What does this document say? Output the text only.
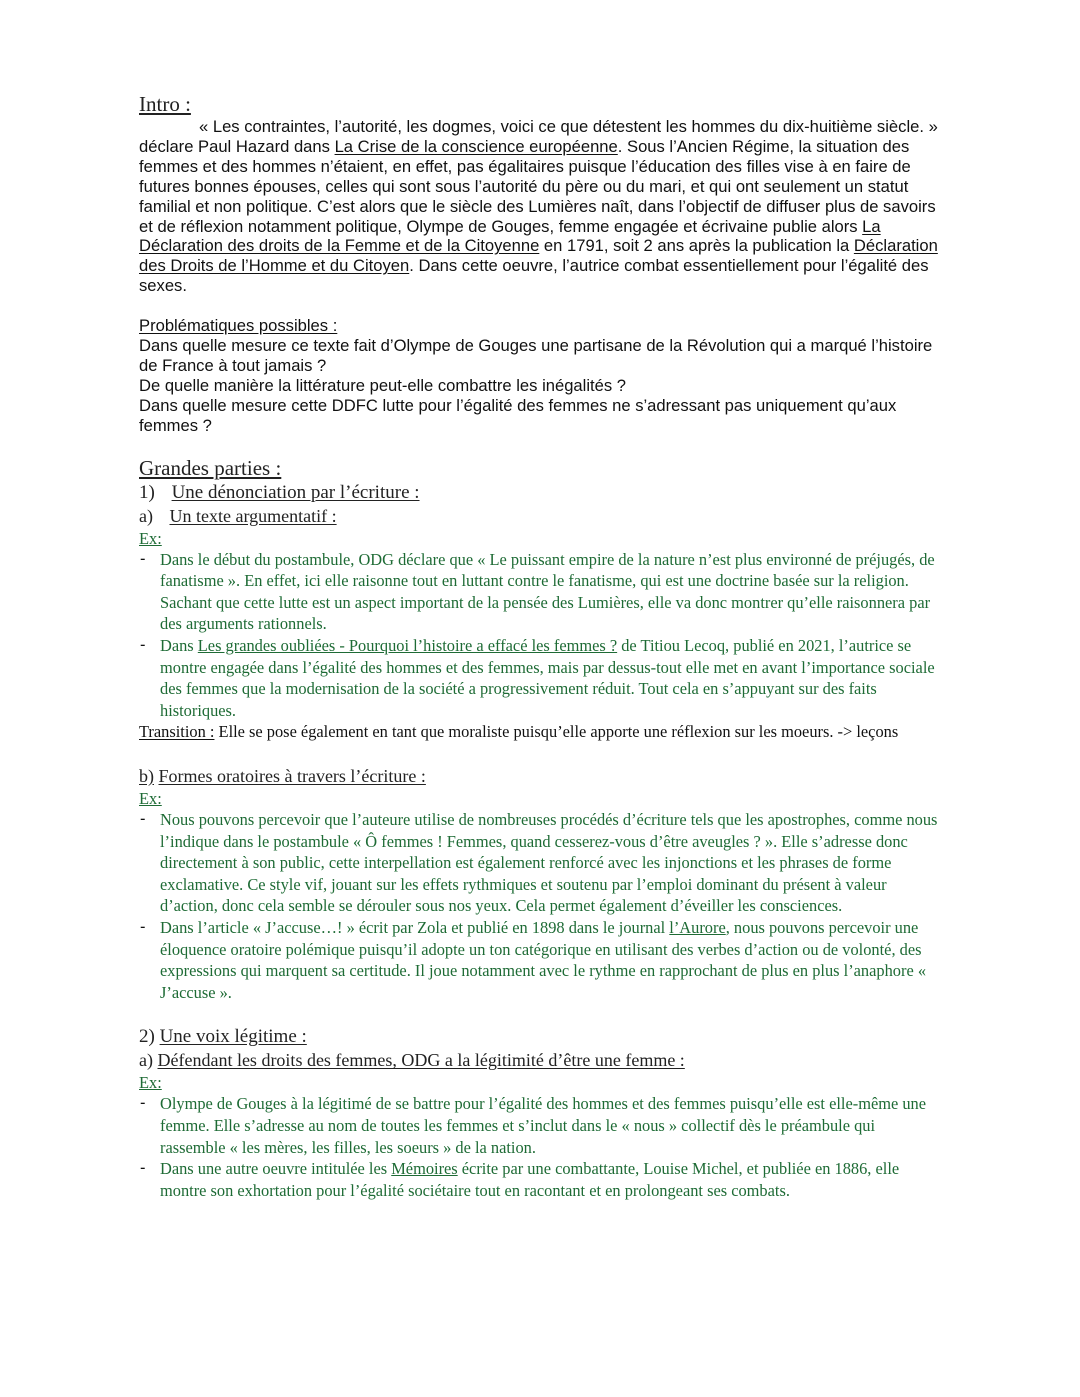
Intro :
« Les contraintes, l’autorité, les dogmes, voici ce que détestent les hommes du dix-huitième siècle. » déclare Paul Hazard dans La Crise de la conscience européenne. Sous l’Ancien Régime, la situation des femmes et des hommes n’étaient, en effet, pas égalitaires puisque l’éducation des filles vise à en faire de futures bonnes épouses, celles qui sont sous l’autorité du père ou du mari, et qui ont seulement un statut familial et non politique. C’est alors que le siècle des Lumières naît, dans l’objectif de diffuser plus de savoirs et de réflexion notamment politique, Olympe de Gouges, femme engagée et écrivaine publie alors La Déclaration des droits de la Femme et de la Citoyenne en 1791, soit 2 ans après la publication la Déclaration des Droits de l’Homme et du Citoyen. Dans cette oeuvre, l’autrice combat essentiellement pour l’égalité des sexes.
Problématiques possibles :
Dans quelle mesure ce texte fait d’Olympe de Gouges une partisane de la Révolution qui a marqué l’histoire de France à tout jamais ?
De quelle manière la littérature peut-elle combattre les inégalités ?
Dans quelle mesure cette DDFC lutte pour l’égalité des femmes ne s’adressant pas uniquement qu’aux femmes ?
Grandes parties :
1) Une dénonciation par l’écriture :
a) Un texte argumentatif :
Ex:
- Dans le début du postambule, ODG déclare que « Le puissant empire de la nature n’est plus environné de préjugés, de fanatisme ». En effet, ici elle raisonne tout en luttant contre le fanatisme, qui est une doctrine basée sur la religion. Sachant que cette lutte est un aspect important de la pensée des Lumières, elle va donc montrer qu’elle raisonnera par des arguments rationnels.
- Dans Les grandes oubliées - Pourquoi l’histoire a effacé les femmes ? de Titiou Lecoq, publié en 2021, l’autrice se montre engagée dans l’égalité des hommes et des femmes, mais par dessus-tout elle met en avant l’importance sociale des femmes que la modernisation de la société a progressivement réduit. Tout cela en s’appuyant sur des faits historiques.
Transition : Elle se pose également en tant que moraliste puisqu’elle apporte une réflexion sur les moeurs. -> leçons
b) Formes oratoires à travers l’écriture :
Ex:
- Nous pouvons percevoir que l’auteure utilise de nombreuses procédés d’écriture tels que les apostrophes, comme nous l’indique dans le postambule « Ô femmes ! Femmes, quand cesserez-vous d’être aveugles ? ». Elle s’adresse donc directement à son public, cette interpellation est également renforcé avec les injonctions et les phrases de forme exclamative. Ce style vif, jouant sur les effets rythmiques et soutenu par l’emploi dominant du présent à valeur d’action, donc cela semble se dérouler sous nos yeux. Cela permet également d’éveiller les consciences.
- Dans l’article « J’accuse…! » écrit par Zola et publié en 1898 dans le journal l’Aurore, nous pouvons percevoir une éloquence oratoire polémique puisqu’il adopte un ton catégorique en utilisant des verbes d’action ou de volonté, des expressions qui marquent sa certitude. Il joue notamment avec le rythme en rapprochant de plus en plus l’anaphore « J’accuse ».
2) Une voix légitime :
a) Défendant les droits des femmes, ODG a la légitimité d’être une femme :
Ex:
- Olympe de Gouges à la légitimé de se battre pour l’égalité des hommes et des femmes puisqu’elle est elle-même une femme. Elle s’adresse au nom de toutes les femmes et s’inclut dans le « nous » collectif dès le préambule qui rassemble « les mères, les filles, les soeurs » de la nation.
- Dans une autre oeuvre intitulée les Mémoires écrite par une combattante, Louise Michel, et publiée en 1886, elle montre son exhortation pour l’égalité sociétaire tout en racontant et en prolongeant ses combats.
